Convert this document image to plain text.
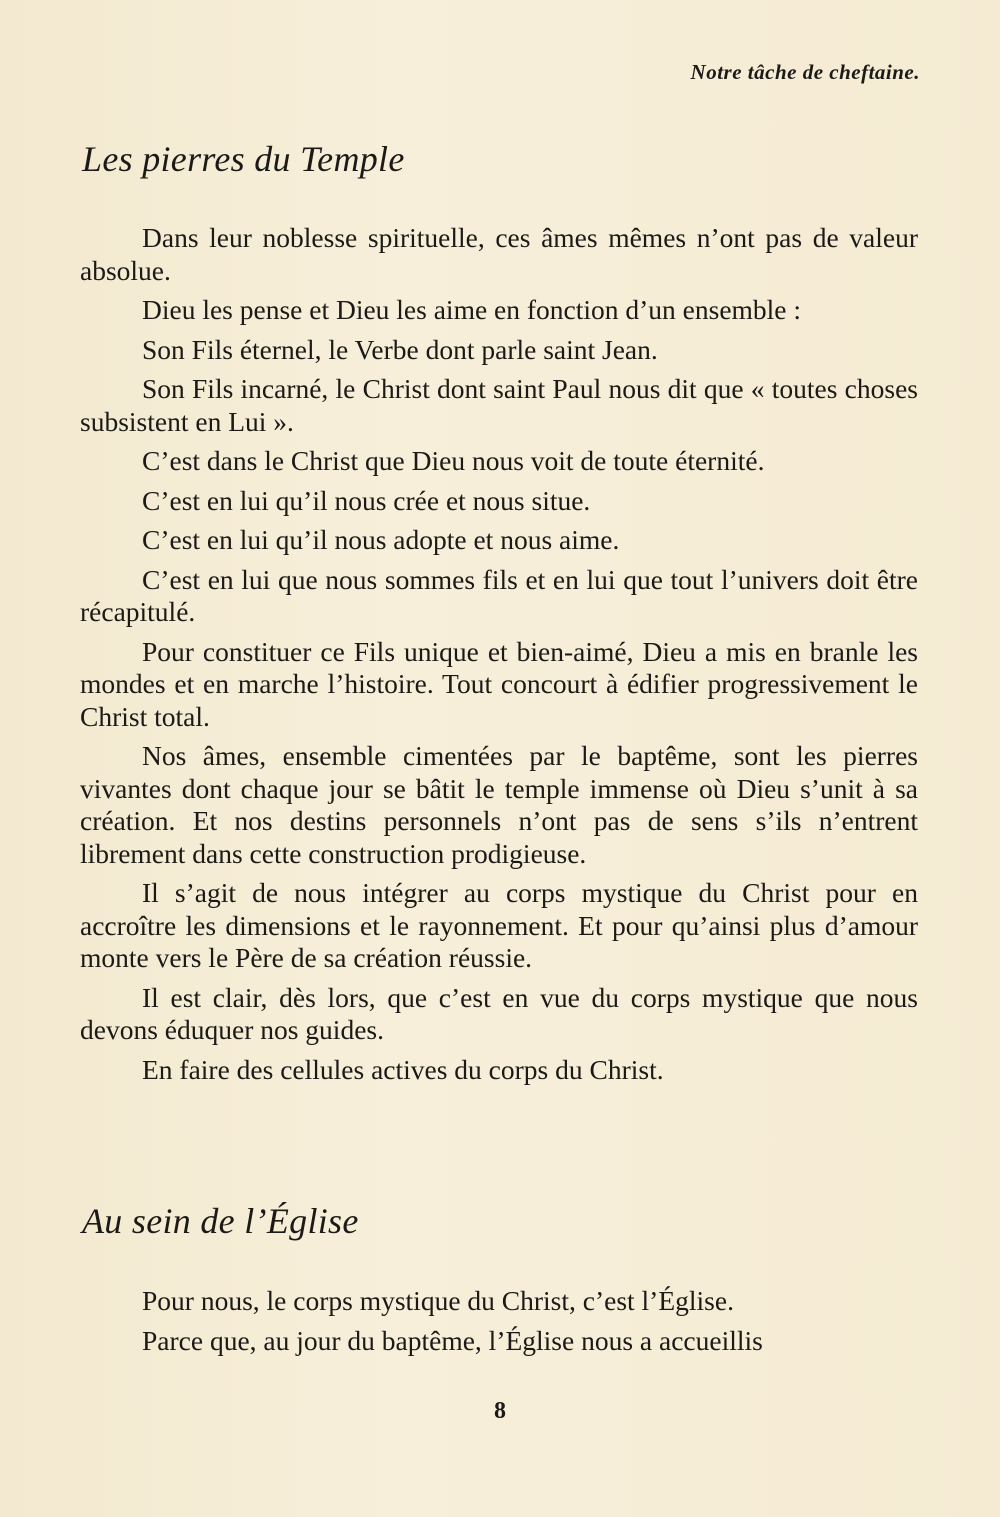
Notre tâche de cheftaine.
Les pierres du Temple

Dans leur noblesse spirituelle, ces âmes mêmes n’ont pas de valeur absolue.

Dieu les pense et Dieu les aime en fonction d’un ensemble :

Son Fils éternel, le Verbe dont parle saint Jean.

Son Fils incarné, le Christ dont saint Paul nous dit que « toutes choses subsistent en Lui ».

C’est dans le Christ que Dieu nous voit de toute éternité.

C’est en lui qu’il nous crée et nous situe.

C’est en lui qu’il nous adopte et nous aime.

C’est en lui que nous sommes fils et en lui que tout l’univers doit être récapitulé.

Pour constituer ce Fils unique et bien-aimé, Dieu a mis en branle les mondes et en marche l’histoire. Tout concourt à édifier progressivement le Christ total.

Nos âmes, ensemble cimentées par le baptême, sont les pierres vivantes dont chaque jour se bâtit le temple immense où Dieu s’unit à sa création. Et nos destins personnels n’ont pas de sens s’ils n’entrent librement dans cette construction prodigieuse.

Il s’agit de nous intégrer au corps mystique du Christ pour en accroître les dimensions et le rayonnement. Et pour qu’ainsi plus d’amour monte vers le Père de sa création réussie.

Il est clair, dès lors, que c’est en vue du corps mystique que nous devons éduquer nos guides.

En faire des cellules actives du corps du Christ.

Au sein de l’Église

Pour nous, le corps mystique du Christ, c’est l’Église.

Parce que, au jour du baptême, l’Église nous a accueillis

8
